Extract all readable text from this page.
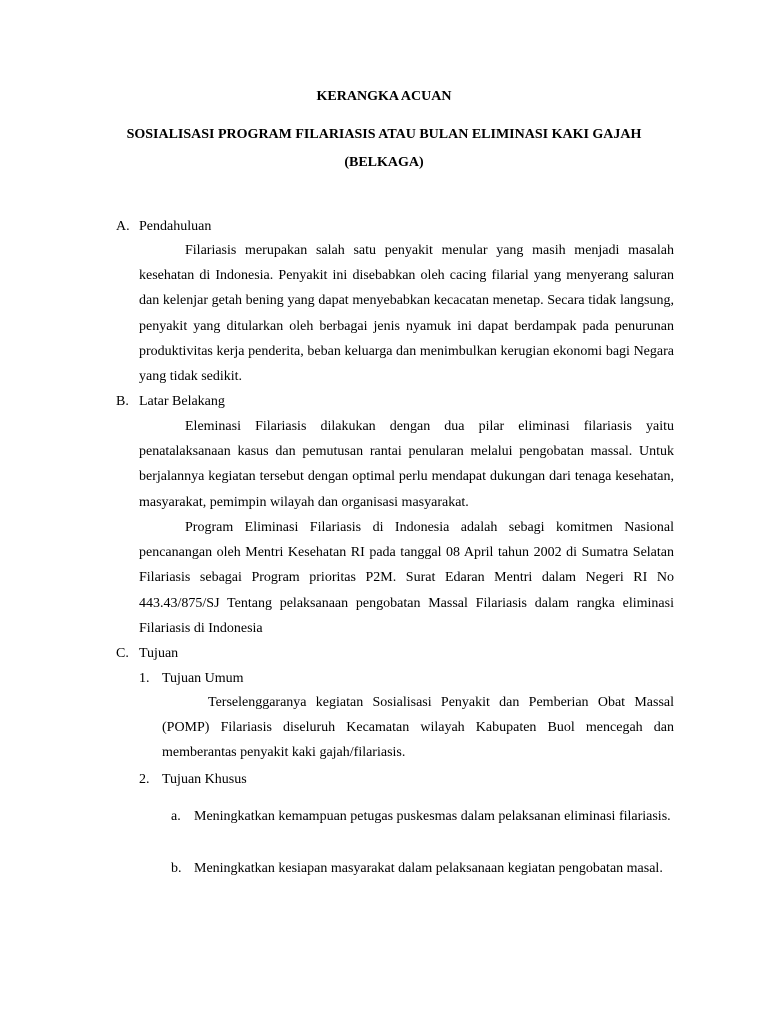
KERANGKA ACUAN
SOSIALISASI PROGRAM FILARIASIS ATAU BULAN ELIMINASI KAKI GAJAH (BELKAGA)
A. Pendahuluan

Filariasis merupakan salah satu penyakit menular yang masih menjadi masalah kesehatan di Indonesia. Penyakit ini disebabkan oleh cacing filarial yang menyerang saluran dan kelenjar getah bening yang dapat menyebabkan kecacatan menetap. Secara tidak langsung, penyakit yang ditularkan oleh berbagai jenis nyamuk ini dapat berdampak pada penurunan produktivitas kerja penderita, beban keluarga dan menimbulkan kerugian ekonomi bagi Negara yang tidak sedikit.

B. Latar Belakang

Eleminasi Filariasis dilakukan dengan dua pilar eliminasi filariasis yaitu penatalaksanaan kasus dan pemutusan rantai penularan melalui pengobatan massal. Untuk berjalannya kegiatan tersebut dengan optimal perlu mendapat dukungan dari tenaga kesehatan, masyarakat, pemimpin wilayah dan organisasi masyarakat.

Program Eliminasi Filariasis di Indonesia adalah sebagi komitmen Nasional pencanangan oleh Mentri Kesehatan RI pada tanggal 08 April tahun 2002 di Sumatra Selatan Filariasis sebagai Program prioritas P2M. Surat Edaran Mentri dalam Negeri RI No 443.43/875/SJ Tentang pelaksanaan pengobatan Massal Filariasis dalam rangka eliminasi Filariasis di Indonesia

C. Tujuan
1. Tujuan Umum

Terselenggaranya kegiatan Sosialisasi Penyakit dan Pemberian Obat Massal (POMP) Filariasis diseluruh Kecamatan wilayah Kabupaten Buol mencegah dan memberantas penyakit kaki gajah/filariasis.

2. Tujuan Khusus
a. Meningkatkan kemampuan petugas puskesmas dalam pelaksanan eliminasi filariasis.
b. Meningkatkan kesiapan masyarakat dalam pelaksanaan kegiatan pengobatan masal.
